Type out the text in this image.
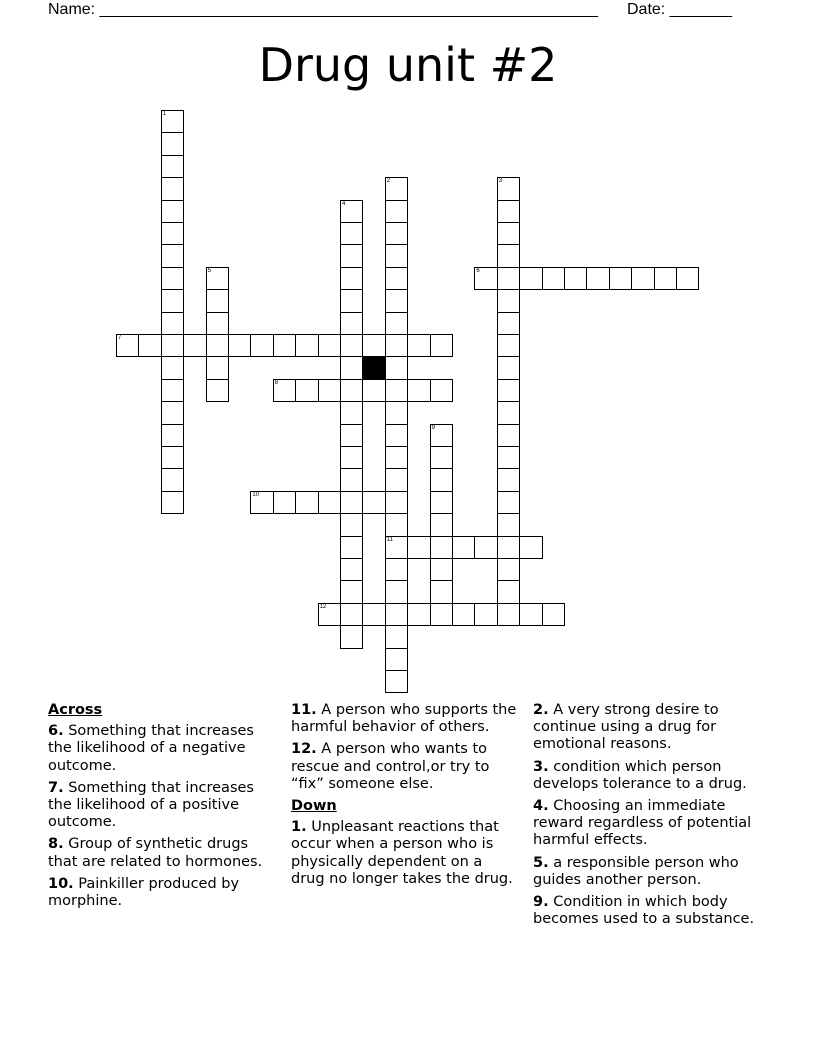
Name: ________________________________________________________ Date: _______
Drug unit #2
1
2
11
3
4
5	6
7
8
9
10
12
Across
6. Something that increases the likelihood of a negative outcome.
7. Something that increases the likelihood of a positive outcome.
8. Group of synthetic drugs that are related to hormones.
10. Painkiller produced by morphine.
11. A person who supports the harmful behavior of others.
12. A person who wants to rescue and control,or try to “fix” someone else.
Down
1. Unpleasant reactions that occur when a person who is physically dependent on a drug no longer takes the drug.
2. A very strong desire to continue using a drug for emotional reasons.
3. condition which person develops tolerance to a drug.
4. Choosing an immediate reward regardless of potential harmful effects.
5. a responsible person who guides another person.
9. Condition in which body becomes used to a substance.
